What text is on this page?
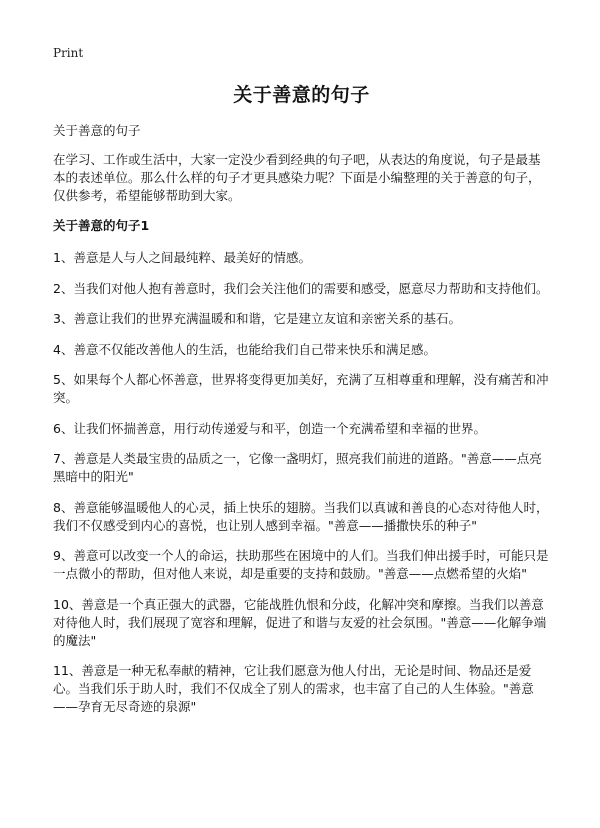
Print
关于善意的句子
关于善意的句子

在学习、工作或生活中，大家一定没少看到经典的句子吧，从表达的角度说，句子是最基本的表述单位。那么什么样的句子才更具感染力呢？下面是小编整理的关于善意的句子，仅供参考，希望能够帮助到大家。

关于善意的句子1
1、善意是人与人之间最纯粹、最美好的情感。
2、当我们对他人抱有善意时，我们会关注他们的需要和感受，愿意尽力帮助和支持他们。
3、善意让我们的世界充满温暖和和谐，它是建立友谊和亲密关系的基石。
4、善意不仅能改善他人的生活，也能给我们自己带来快乐和满足感。
5、如果每个人都心怀善意，世界将变得更加美好，充满了互相尊重和理解，没有痛苦和冲突。
6、让我们怀揣善意，用行动传递爱与和平，创造一个充满希望和幸福的世界。
7、善意是人类最宝贵的品质之一，它像一盏明灯，照亮我们前进的道路。"善意——点亮黑暗中的阳光"
8、善意能够温暖他人的心灵，插上快乐的翅膀。当我们以真诚和善良的心态对待他人时，我们不仅感受到内心的喜悦，也让别人感到幸福。"善意——播撒快乐的种子"
9、善意可以改变一个人的命运，扶助那些在困境中的人们。当我们伸出援手时，可能只是一点微小的帮助，但对他人来说，却是重要的支持和鼓励。"善意——点燃希望的火焰"
10、善意是一个真正强大的武器，它能战胜仇恨和分歧，化解冲突和摩擦。当我们以善意对待他人时，我们展现了宽容和理解，促进了和谐与友爱的社会氛围。"善意——化解争端的魔法"
11、善意是一种无私奉献的精神，它让我们愿意为他人付出，无论是时间、物品还是爱心。当我们乐于助人时，我们不仅成全了别人的需求，也丰富了自己的人生体验。"善意——孕育无尽奇迹的泉源"
